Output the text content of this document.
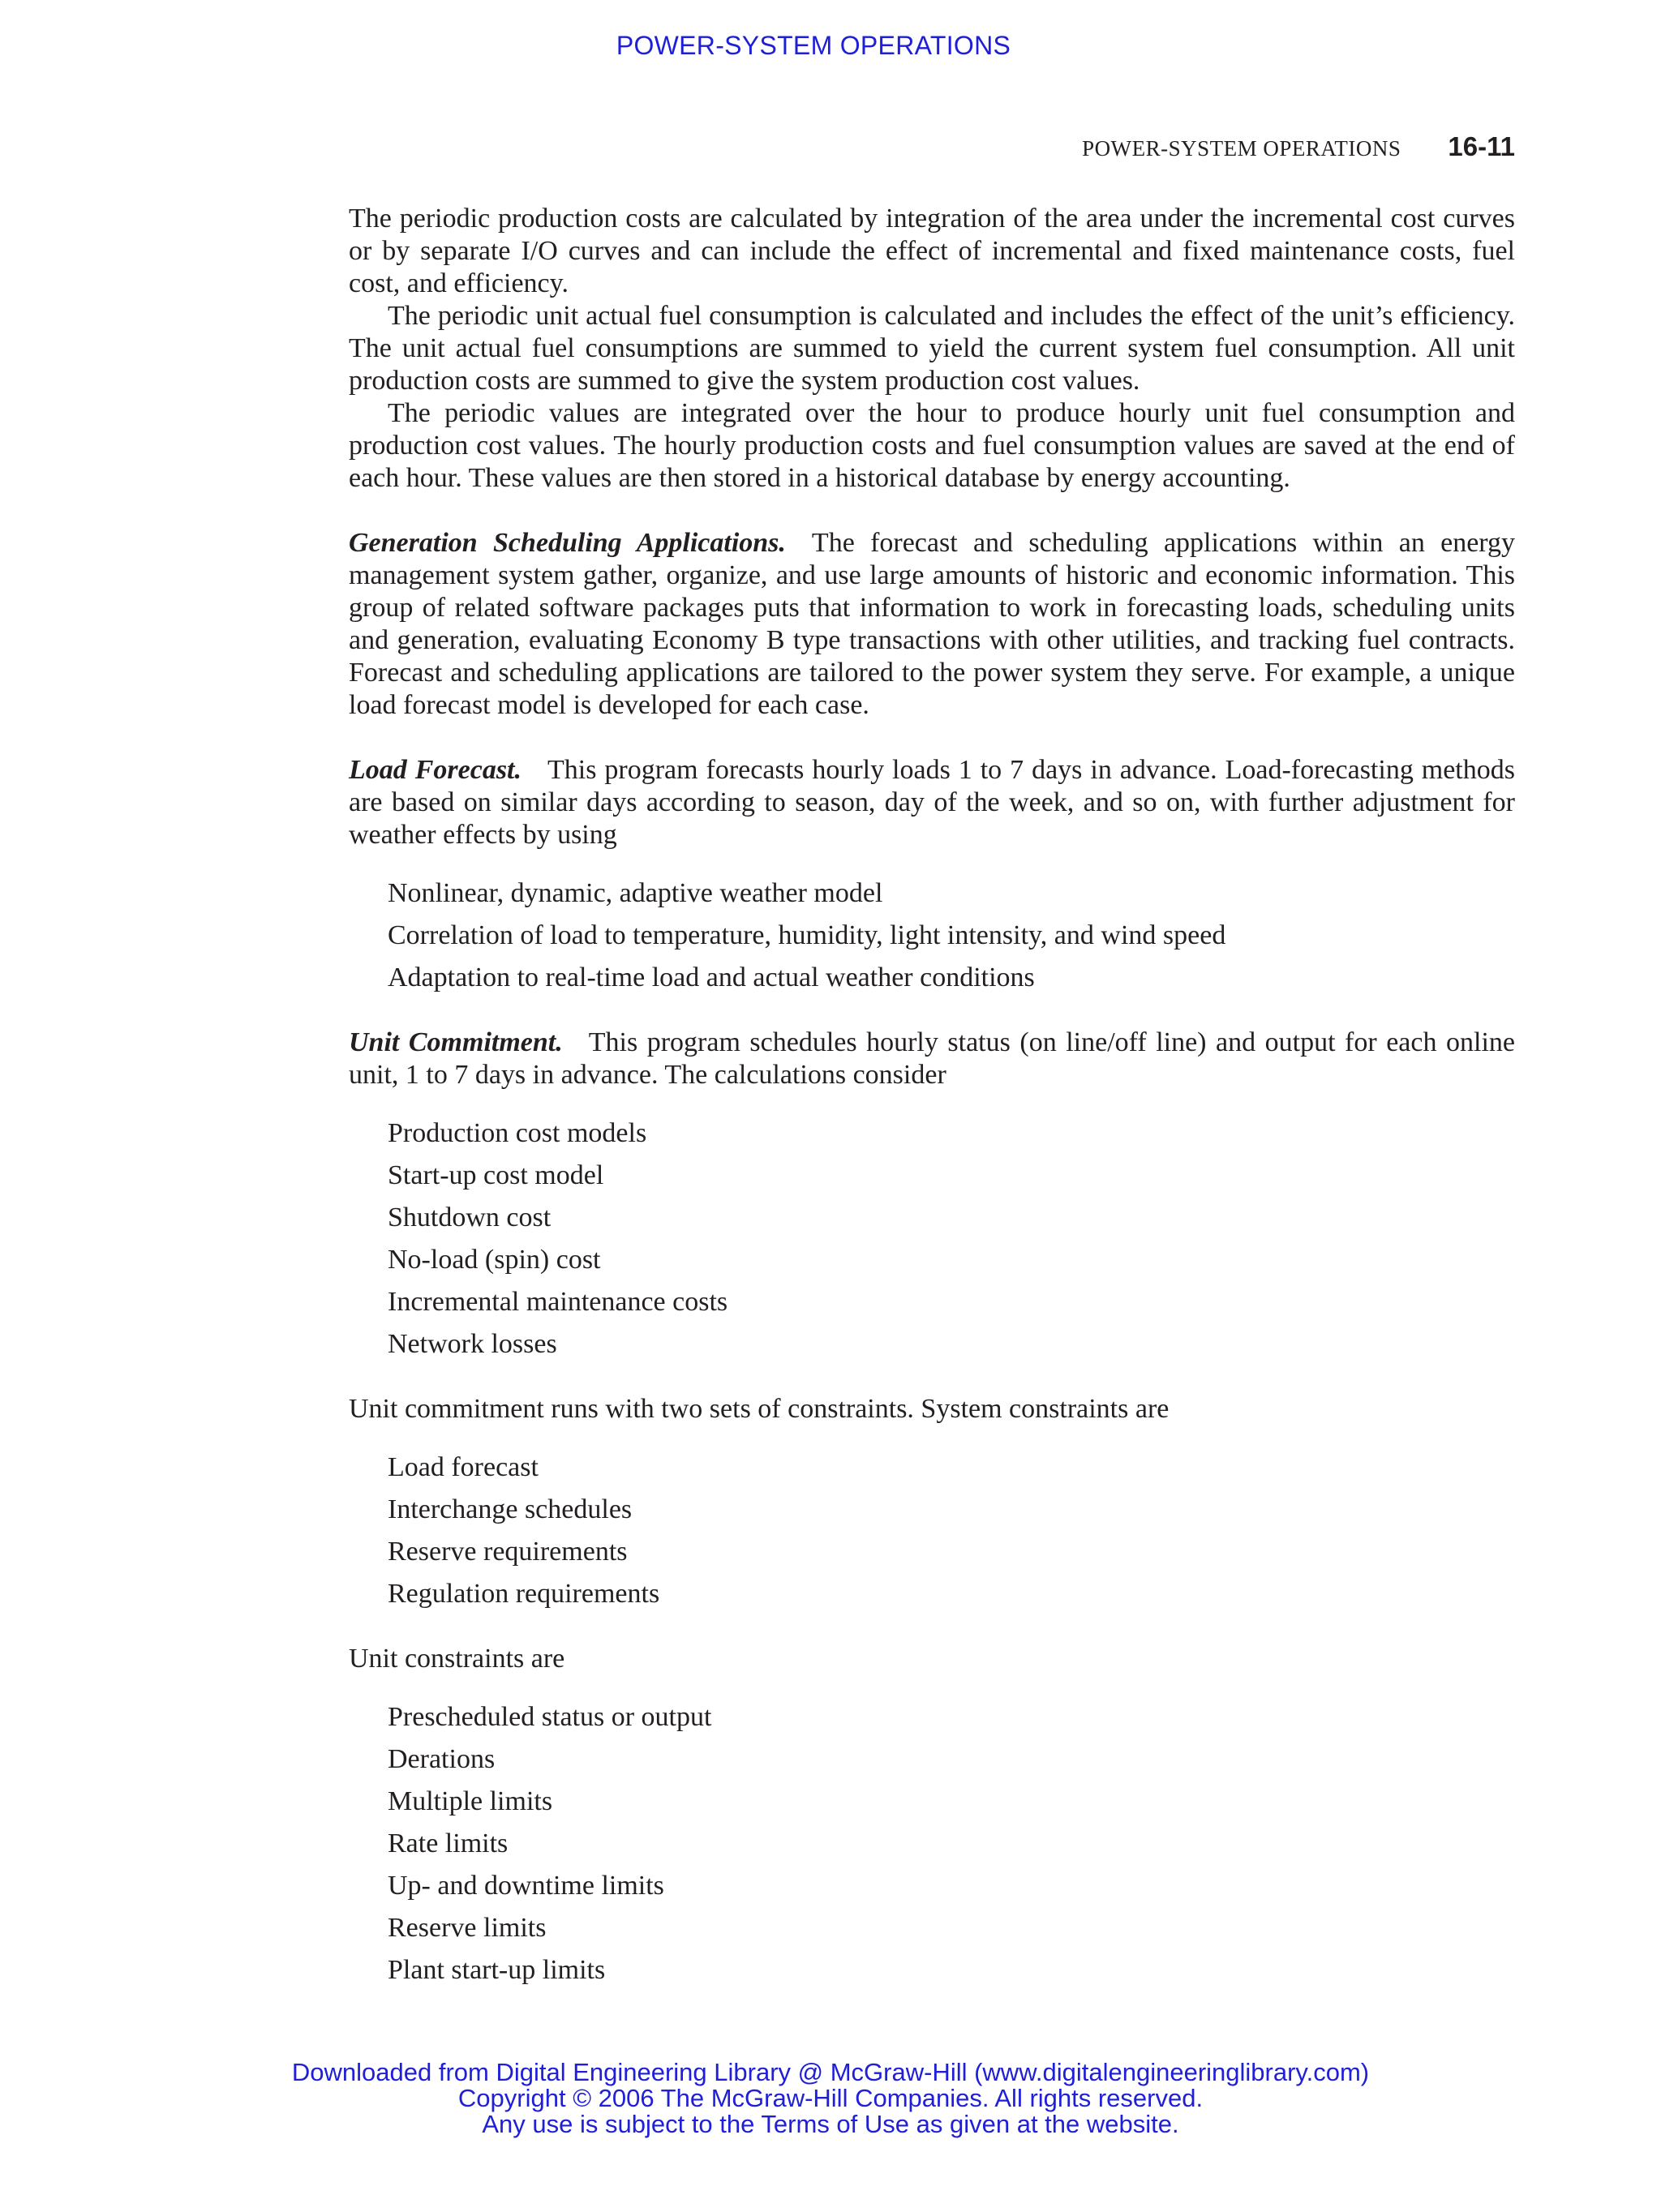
POWER-SYSTEM OPERATIONS
POWER-SYSTEM OPERATIONS 16-11

The periodic production costs are calculated by integration of the area under the incremental cost curves or by separate I/O curves and can include the effect of incremental and fixed maintenance costs, fuel cost, and efficiency.

The periodic unit actual fuel consumption is calculated and includes the effect of the unit’s efficiency. The unit actual fuel consumptions are summed to yield the current system fuel consumption. All unit production costs are summed to give the system production cost values.

The periodic values are integrated over the hour to produce hourly unit fuel consumption and production cost values. The hourly production costs and fuel consumption values are saved at the end of each hour. These values are then stored in a historical database by energy accounting.

Generation Scheduling Applications. The forecast and scheduling applications within an energy management system gather, organize, and use large amounts of historic and economic information. This group of related software packages puts that information to work in forecasting loads, scheduling units and generation, evaluating Economy B type transactions with other utilities, and tracking fuel contracts. Forecast and scheduling applications are tailored to the power system they serve. For example, a unique load forecast model is developed for each case.

Load Forecast. This program forecasts hourly loads 1 to 7 days in advance. Load-forecasting methods are based on similar days according to season, day of the week, and so on, with further adjustment for weather effects by using

Nonlinear, dynamic, adaptive weather model
Correlation of load to temperature, humidity, light intensity, and wind speed
Adaptation to real-time load and actual weather conditions

Unit Commitment. This program schedules hourly status (on line/off line) and output for each online unit, 1 to 7 days in advance. The calculations consider

Production cost models
Start-up cost model
Shutdown cost
No-load (spin) cost
Incremental maintenance costs
Network losses

Unit commitment runs with two sets of constraints. System constraints are

Load forecast
Interchange schedules
Reserve requirements
Regulation requirements

Unit constraints are

Prescheduled status or output
Derations
Multiple limits
Rate limits
Up- and downtime limits
Reserve limits
Plant start-up limits
Downloaded from Digital Engineering Library @ McGraw-Hill (www.digitalengineeringlibrary.com)
Copyright © 2006 The McGraw-Hill Companies. All rights reserved.
Any use is subject to the Terms of Use as given at the website.
